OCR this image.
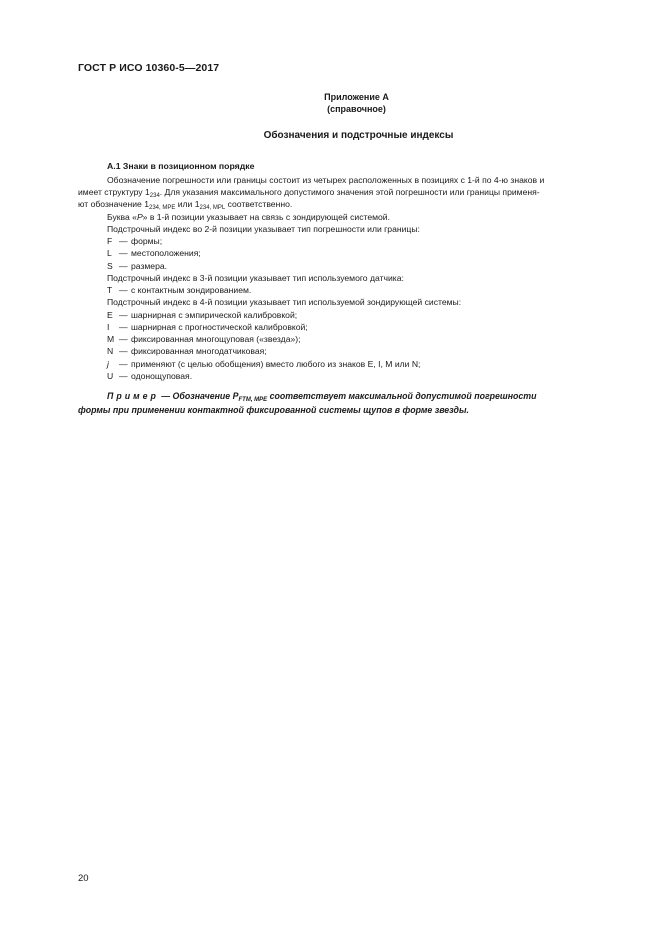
ГОСТ Р ИСО 10360-5—2017
Приложение А
(справочное)
Обозначения и подстрочные индексы
А.1 Знаки в позиционном порядке
Обозначение погрешности или границы состоит из четырех расположенных в позициях с 1-й по 4-ю знаков и
имеет структуру $1_{234}$. Для указания максимального допустимого значения этой погрешности или границы применя-
ют обозначение $1_{234, MPE}$ или $1_{234, MPL}$ соответственно.
Буква «P» в 1-й позиции указывает на связь с зондирующей системой.
Подстрочный индекс во 2-й позиции указывает тип погрешности или границы:
F — формы;
L — местоположения;
S — размера.
Подстрочный индекс в 3-й позиции указывает тип используемого датчика:
T — с контактным зондированием.
Подстрочный индекс в 4-й позиции указывает тип используемой зондирующей системы:
E — шарнирная с эмпирической калибровкой;
I — шарнирная с прогностической калибровкой;
M — фиксированная многощуповая («звезда»);
N — фиксированная многодатчиковая;
j — применяют (с целью обобщения) вместо любого из знаков E, I, M или N;
U — одонощуповая.
Пример — Обозначение $P_{FTM, MPE}$ соответствует максимальной допустимой погрешности
формы при применении контактной фиксированной системы щупов в форме звезды.
20
